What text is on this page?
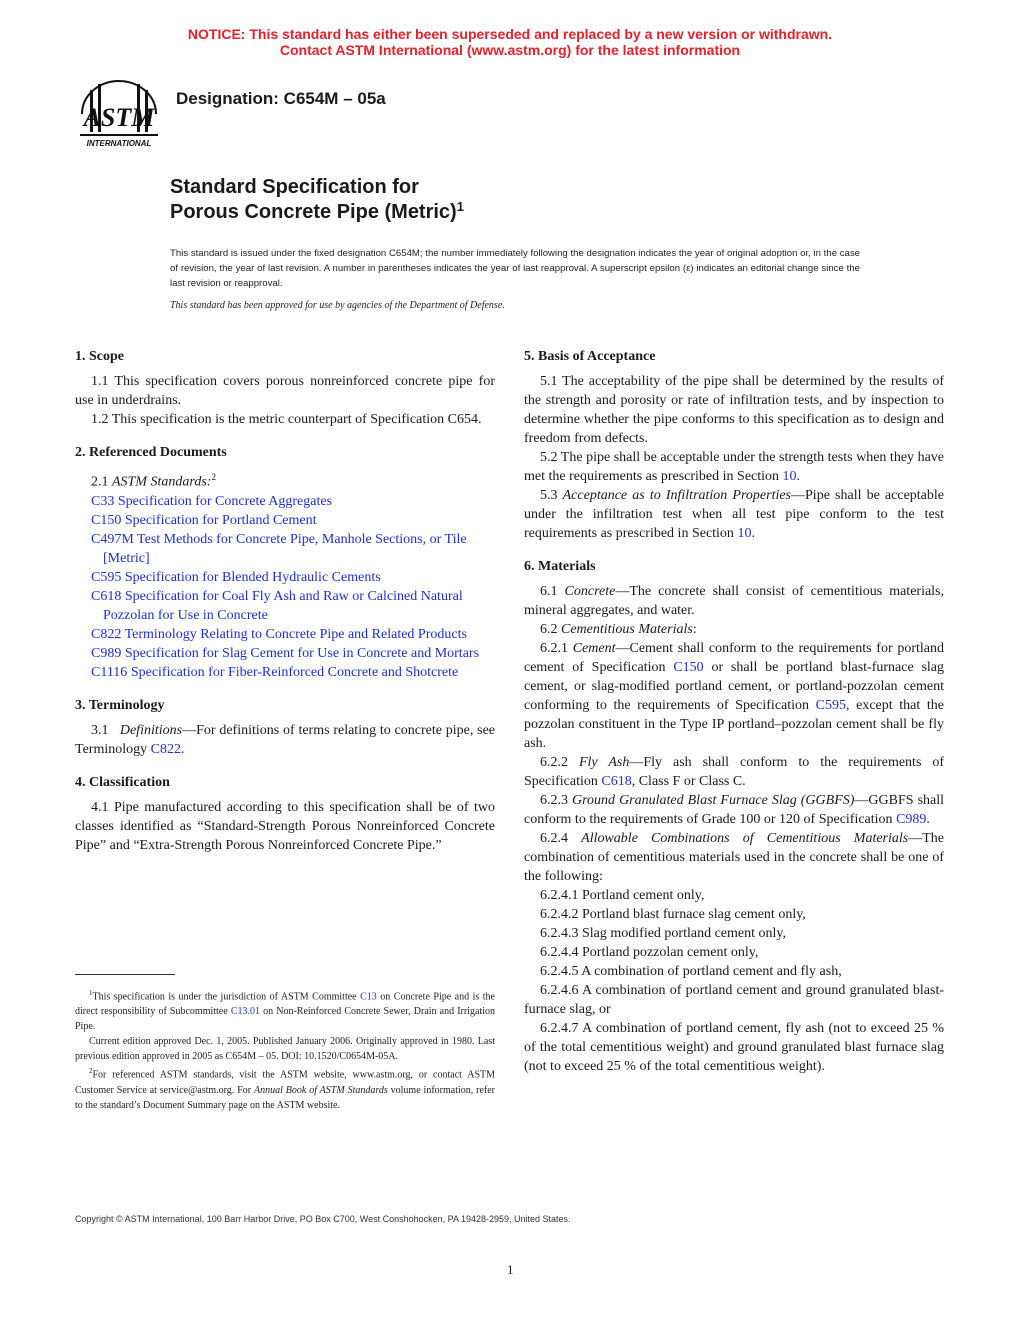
NOTICE: This standard has either been superseded and replaced by a new version or withdrawn.
Contact ASTM International (www.astm.org) for the latest information
ASTM
INTERNATIONAL
Designation: C654M – 05a
Standard Specification for
Porous Concrete Pipe (Metric)$^1$
This standard is issued under the fixed designation C654M; the number immediately following the designation indicates the year of original adoption or, in the case of revision, the year of last revision. A number in parentheses indicates the year of last reapproval. A superscript epsilon (ε) indicates an editorial change since the last revision or reapproval.
This standard has been approved for use by agencies of the Department of Defense.
1. Scope
1.1 This specification covers porous nonreinforced concrete pipe for use in underdrains.
1.2 This specification is the metric counterpart of Specification C654.
2. Referenced Documents
2.1 ASTM Standards:$^2$
C33 Specification for Concrete Aggregates
C150 Specification for Portland Cement
C497M Test Methods for Concrete Pipe, Manhole Sections, or Tile [Metric]
C595 Specification for Blended Hydraulic Cements
C618 Specification for Coal Fly Ash and Raw or Calcined Natural Pozzolan for Use in Concrete
C822 Terminology Relating to Concrete Pipe and Related Products
C989 Specification for Slag Cement for Use in Concrete and Mortars
C1116 Specification for Fiber-Reinforced Concrete and Shotcrete
3. Terminology
3.1 Definitions—For definitions of terms relating to concrete pipe, see Terminology C822.
4. Classification
4.1 Pipe manufactured according to this specification shall be of two classes identified as “Standard-Strength Porous Nonreinforced Concrete Pipe” and “Extra-Strength Porous Nonreinforced Concrete Pipe.”
5. Basis of Acceptance
5.1 The acceptability of the pipe shall be determined by the results of the strength and porosity or rate of infiltration tests, and by inspection to determine whether the pipe conforms to this specification as to design and freedom from defects.
5.2 The pipe shall be acceptable under the strength tests when they have met the requirements as prescribed in Section 10.
5.3 Acceptance as to Infiltration Properties—Pipe shall be acceptable under the infiltration test when all test pipe conform to the test requirements as prescribed in Section 10.
6. Materials
6.1 Concrete—The concrete shall consist of cementitious materials, mineral aggregates, and water.
6.2 Cementitious Materials:
6.2.1 Cement—Cement shall conform to the requirements for portland cement of Specification C150 or shall be portland blast-furnace slag cement, or slag-modified portland cement, or portland-pozzolan cement conforming to the requirements of Specification C595, except that the pozzolan constituent in the Type IP portland–pozzolan cement shall be fly ash.
6.2.2 Fly Ash—Fly ash shall conform to the requirements of Specification C618, Class F or Class C.
6.2.3 Ground Granulated Blast Furnace Slag (GGBFS)—GGBFS shall conform to the requirements of Grade 100 or 120 of Specification C989.
6.2.4 Allowable Combinations of Cementitious Materials—The combination of cementitious materials used in the concrete shall be one of the following:
6.2.4.1 Portland cement only,
6.2.4.2 Portland blast furnace slag cement only,
6.2.4.3 Slag modified portland cement only,
6.2.4.4 Portland pozzolan cement only,
6.2.4.5 A combination of portland cement and fly ash,
6.2.4.6 A combination of portland cement and ground granulated blast-furnace slag, or
6.2.4.7 A combination of portland cement, fly ash (not to exceed 25 % of the total cementitious weight) and ground granulated blast furnace slag (not to exceed 25 % of the total cementitious weight).

$^1$This specification is under the jurisdiction of ASTM Committee C13 on Concrete Pipe and is the direct responsibility of Subcommittee C13.01 on Non-Reinforced Concrete Sewer, Drain and Irrigation Pipe.

Current edition approved Dec. 1, 2005. Published January 2006. Originally approved in 1980. Last previous edition approved in 2005 as C654M – 05. DOI: 10.1520/C0654M-05A.

$^2$For referenced ASTM standards, visit the ASTM website, www.astm.org, or contact ASTM Customer Service at service@astm.org. For Annual Book of ASTM Standards volume information, refer to the standard’s Document Summary page on the ASTM website.

Copyright © ASTM International, 100 Barr Harbor Drive, PO Box C700, West Conshohocken, PA 19428-2959, United States.
1
